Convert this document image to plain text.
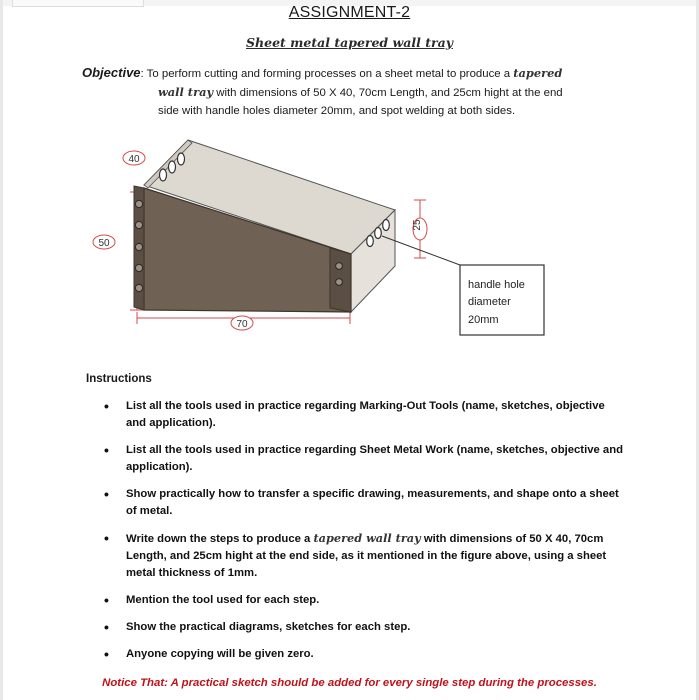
ASSIGNMENT-2
Sheet metal tapered wall tray
Objective: To perform cutting and forming processes on a sheet metal to produce a tapered
wall tray with dimensions of 50 X 40, 70cm Length, and 25cm hight at the end
side with handle holes diameter 20mm, and spot welding at both sides.
handle hole
diameter
20mm
40
50
70
25
Instructions
• List all the tools used in practice regarding Marking-Out Tools (name, sketches, objective and application).
• List all the tools used in practice regarding Sheet Metal Work (name, sketches, objective and application).
• Show practically how to transfer a specific drawing, measurements, and shape onto a sheet of metal.
• Write down the steps to produce a tapered wall tray with dimensions of 50 X 40, 70cm Length, and 25cm hight at the end side, as it mentioned in the figure above, using a sheet metal thickness of 1mm.
• Mention the tool used for each step.
• Show the practical diagrams, sketches for each step.
• Anyone copying will be given zero.
Notice That: A practical sketch should be added for every single step during the processes.
